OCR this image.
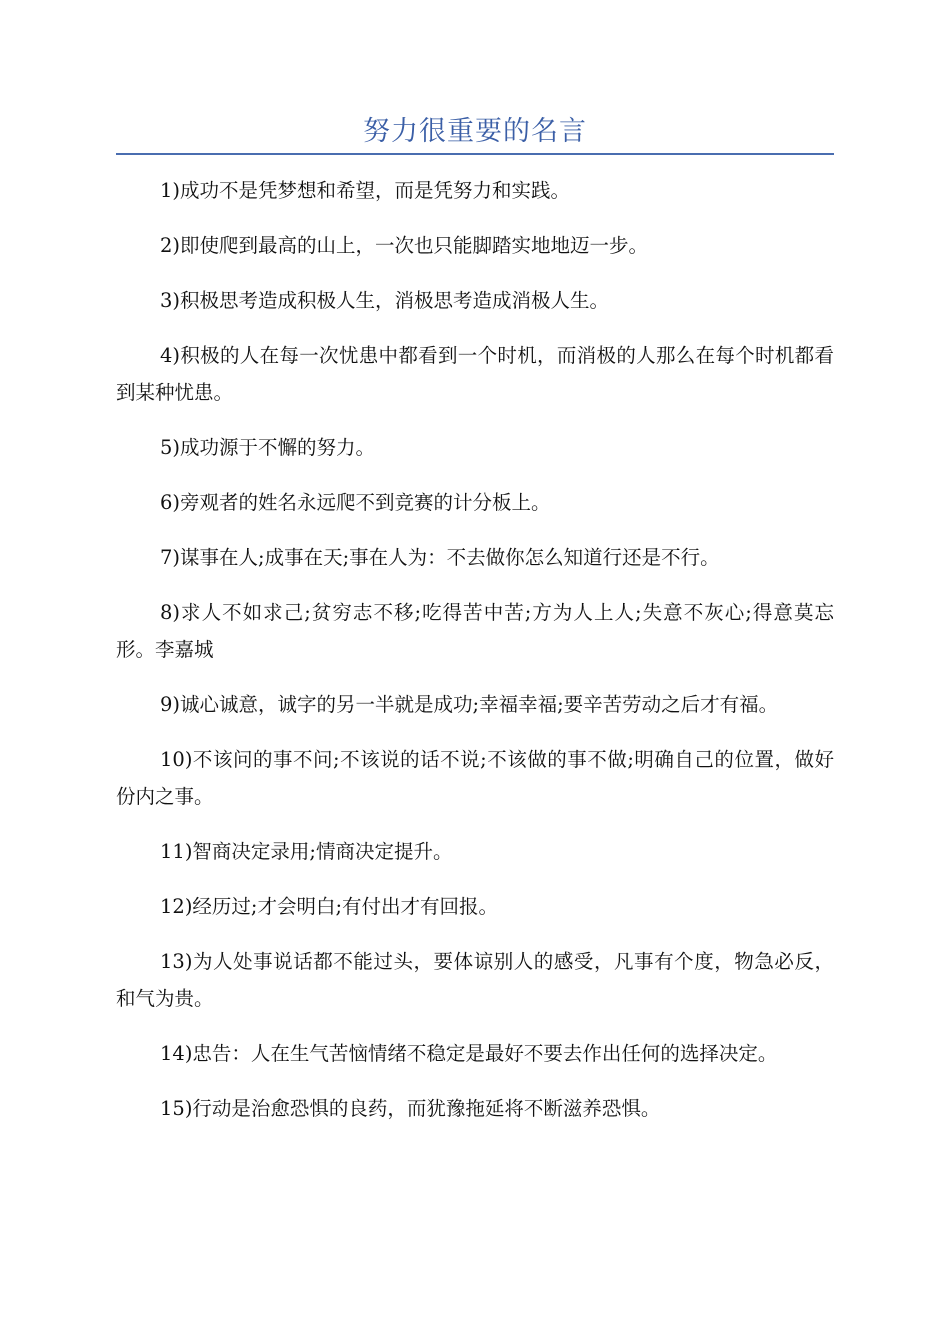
努力很重要的名言

1)成功不是凭梦想和希望，而是凭努力和实践。

2)即使爬到最高的山上，一次也只能脚踏实地地迈一步。

3)积极思考造成积极人生，消极思考造成消极人生。

4)积极的人在每一次忧患中都看到一个时机，而消极的人那么在每个时机都看到某种忧患。

5)成功源于不懈的努力。

6)旁观者的姓名永远爬不到竞赛的计分板上。

7)谋事在人;成事在天;事在人为：不去做你怎么知道行还是不行。

8)求人不如求己;贫穷志不移;吃得苦中苦;方为人上人;失意不灰心;得意莫忘形。李嘉城

9)诚心诚意，诚字的另一半就是成功;幸福幸福;要辛苦劳动之后才有福。

10)不该问的事不问;不该说的话不说;不该做的事不做;明确自己的位置，做好份内之事。

11)智商决定录用;情商决定提升。

12)经历过;才会明白;有付出才有回报。

13)为人处事说话都不能过头，要体谅别人的感受，凡事有个度，物急必反，和气为贵。

14)忠告：人在生气苦恼情绪不稳定是最好不要去作出任何的选择决定。

15)行动是治愈恐惧的良药，而犹豫拖延将不断滋养恐惧。
